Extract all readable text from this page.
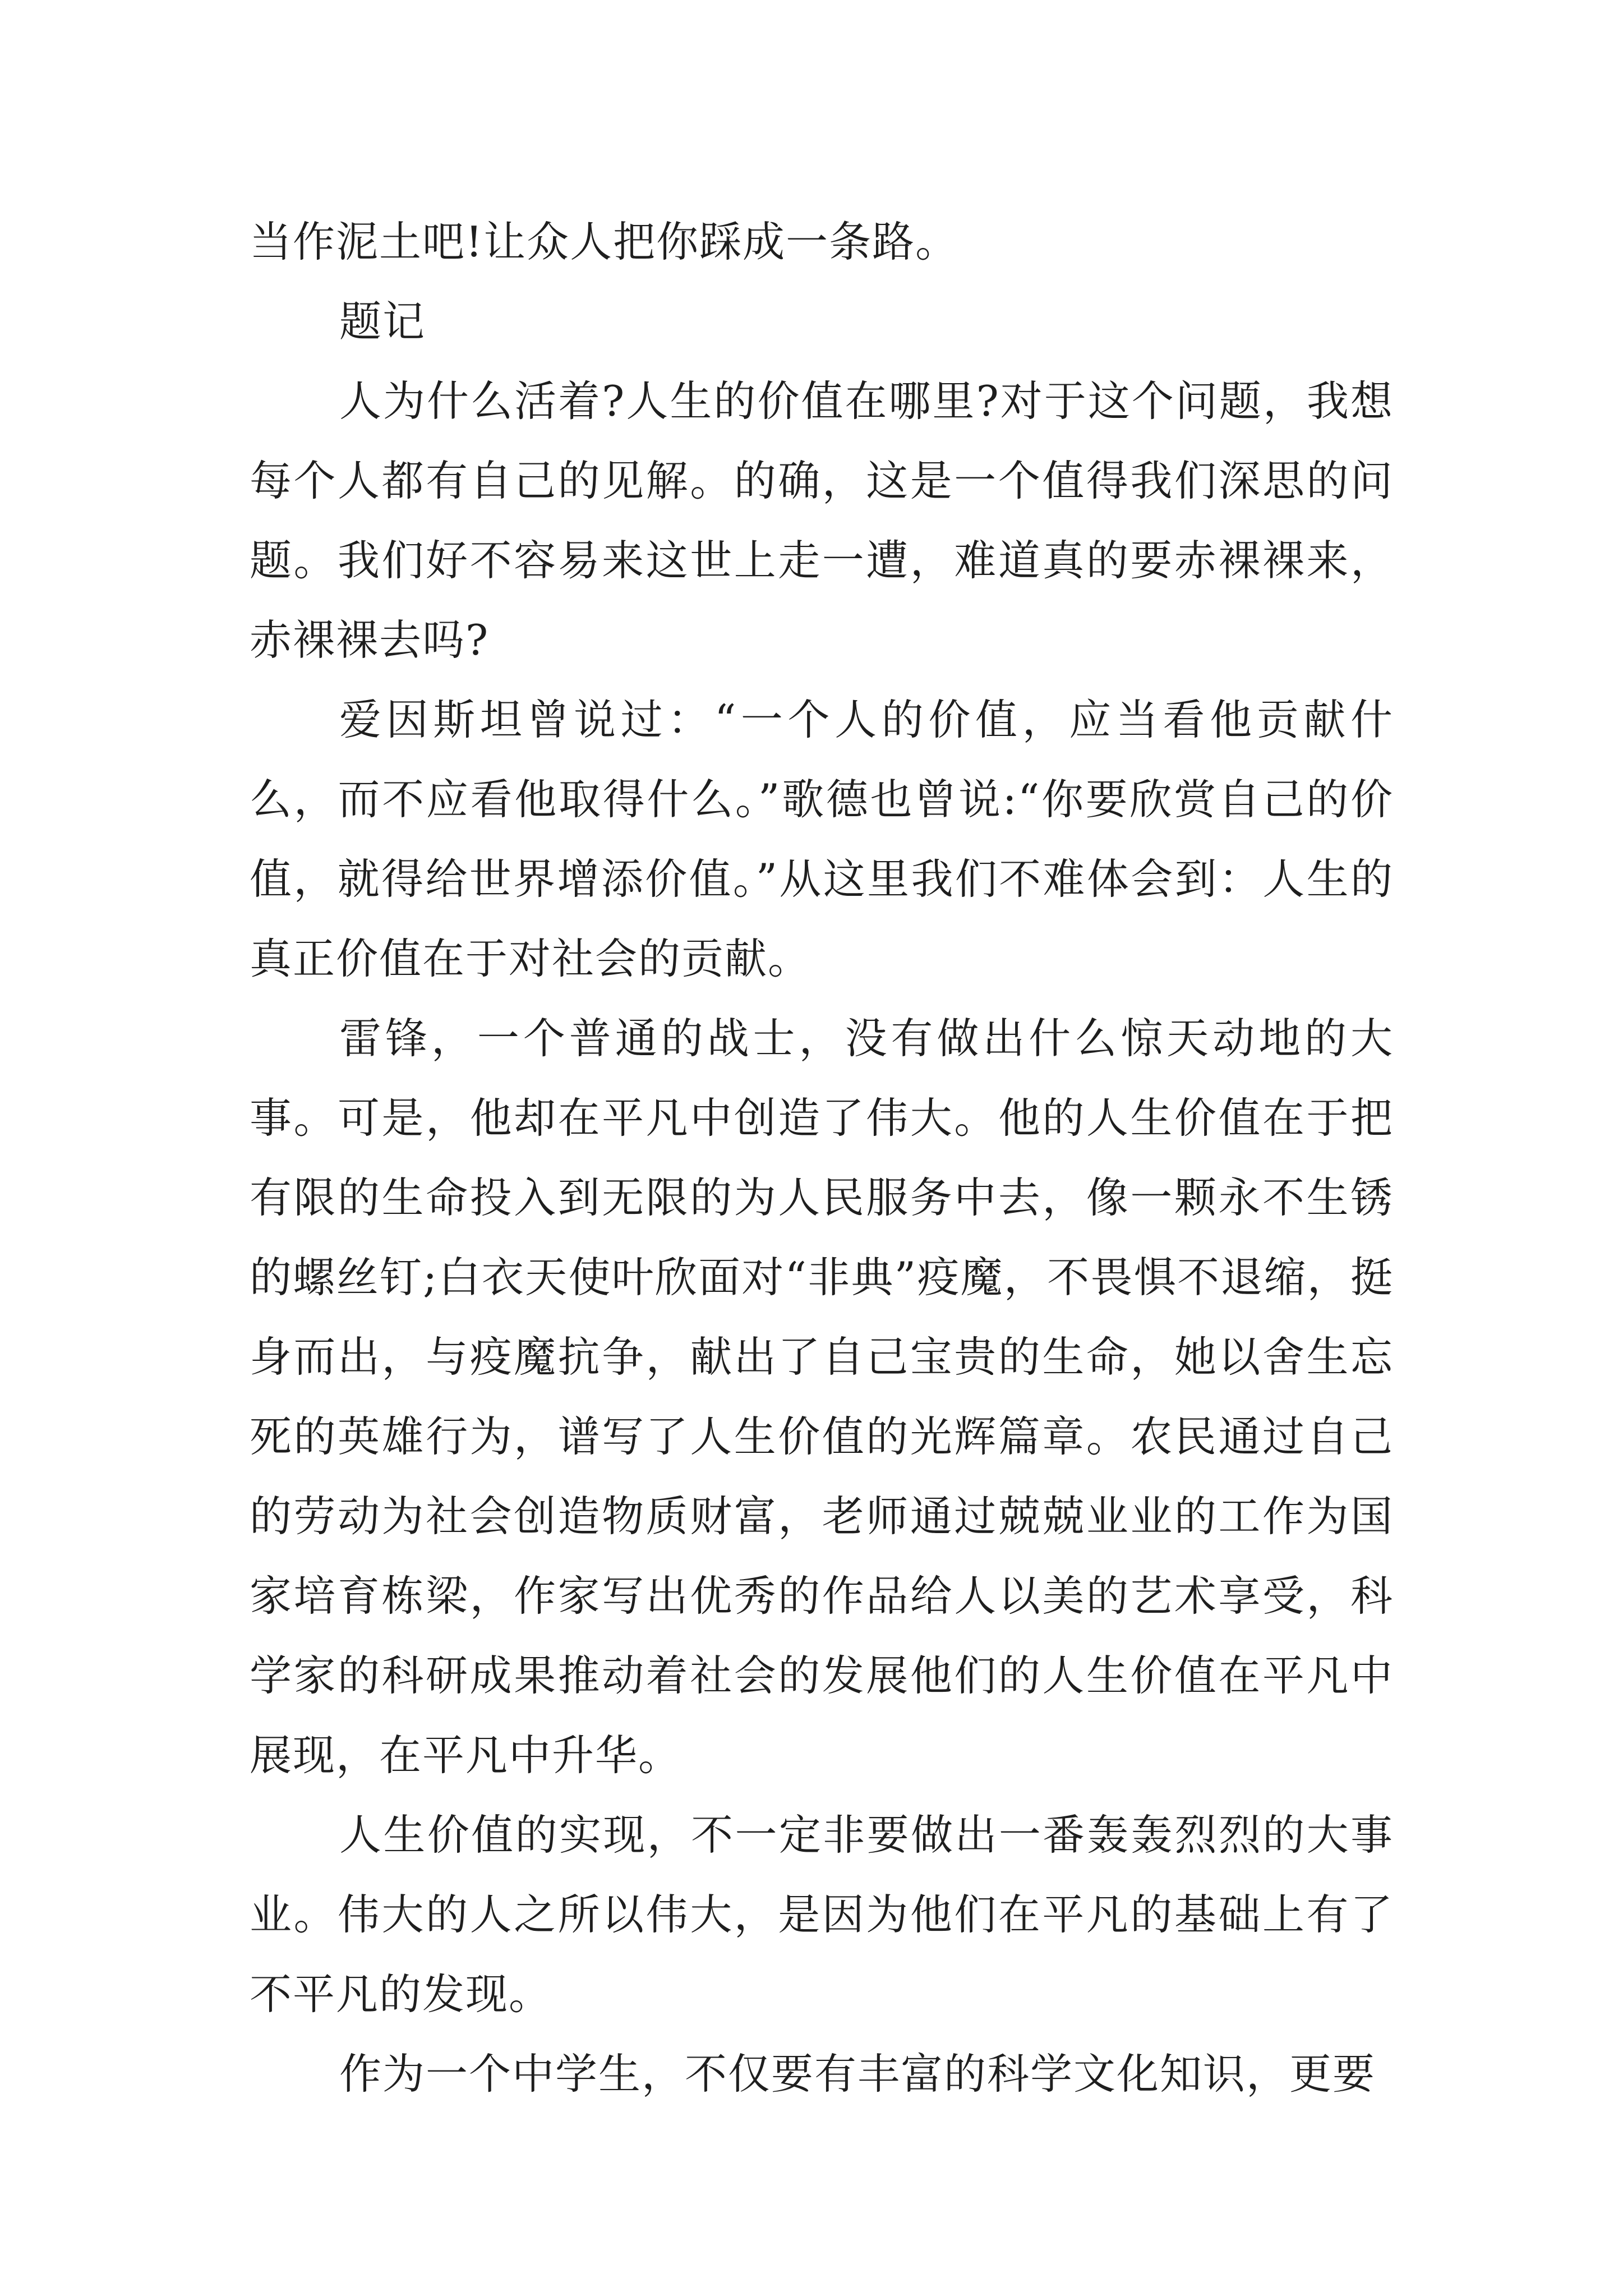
当作泥土吧!让众人把你踩成一条路。

题记

人为什么活着?人生的价值在哪里?对于这个问题，我想每个人都有自己的见解。的确，这是一个值得我们深思的问题。我们好不容易来这世上走一遭，难道真的要赤裸裸来，赤裸裸去吗?

爱因斯坦曾说过：“一个人的价值，应当看他贡献什么，而不应看他取得什么。”歌德也曾说:“你要欣赏自己的价值，就得给世界增添价值。”从这里我们不难体会到：人生的真正价值在于对社会的贡献。

雷锋，一个普通的战士，没有做出什么惊天动地的大事。可是，他却在平凡中创造了伟大。他的人生价值在于把有限的生命投入到无限的为人民服务中去，像一颗永不生锈的螺丝钉;白衣天使叶欣面对“非典”疫魔，不畏惧不退缩，挺身而出，与疫魔抗争，献出了自己宝贵的生命，她以舍生忘死的英雄行为，谱写了人生价值的光辉篇章。农民通过自己的劳动为社会创造物质财富，老师通过兢兢业业的工作为国家培育栋梁，作家写出优秀的作品给人以美的艺术享受，科学家的科研成果推动着社会的发展他们的人生价值在平凡中展现，在平凡中升华。

人生价值的实现，不一定非要做出一番轰轰烈烈的大事业。伟大的人之所以伟大，是因为他们在平凡的基础上有了不平凡的发现。

作为一个中学生，不仅要有丰富的科学文化知识，更要
